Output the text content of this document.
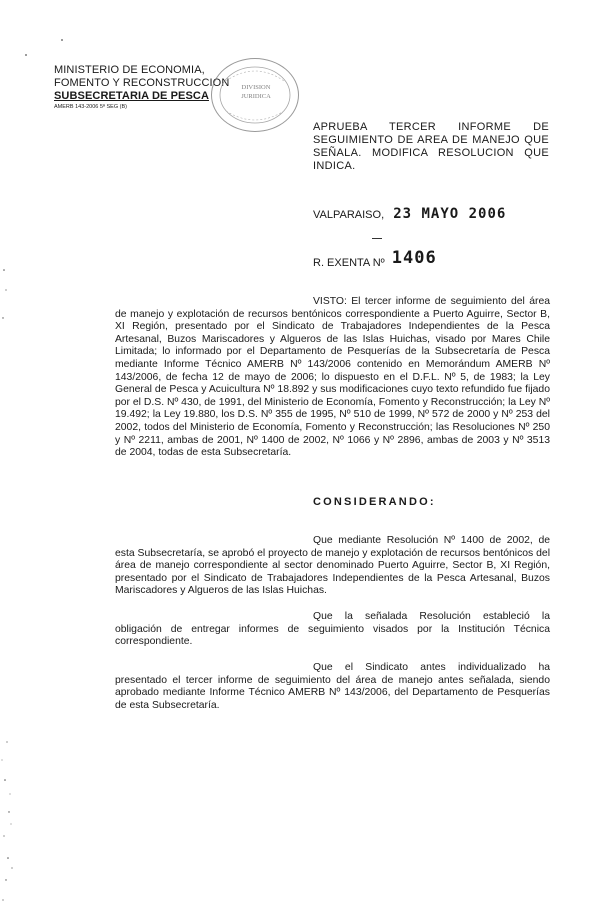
MINISTERIO DE ECONOMIA,
FOMENTO Y RECONSTRUCCION
SUBSECRETARIA DE PESCA
AMERB 143-2006 5ª SEG (B)
DIVISION
JURIDICA
APRUEBA TERCER INFORME DE SEGUIMIENTO DE AREA DE MANEJO QUE SEÑALA. MODIFICA RESOLUCION QUE INDICA.
VALPARAISO, 23 MAYO 2006
R. EXENTA Nº 1406
VISTO: El tercer informe de seguimiento del área de manejo y explotación de recursos bentónicos correspondiente a Puerto Aguirre, Sector B, XI Región, presentado por el Sindicato de Trabajadores Independientes de la Pesca Artesanal, Buzos Mariscadores y Algueros de las Islas Huichas, visado por Mares Chile Limitada; lo informado por el Departamento de Pesquerías de la Subsecretaría de Pesca mediante Informe Técnico AMERB Nº 143/2006 contenido en Memorándum AMERB Nº 143/2006, de fecha 12 de mayo de 2006; lo dispuesto en el D.F.L. Nº 5, de 1983; la Ley General de Pesca y Acuicultura Nº 18.892 y sus modificaciones cuyo texto refundido fue fijado por el D.S. Nº 430, de 1991, del Ministerio de Economía, Fomento y Reconstrucción; la Ley Nº 19.492; la Ley 19.880, los D.S. Nº 355 de 1995, Nº 510 de 1999, Nº 572 de 2000 y Nº 253 del 2002, todos del Ministerio de Economía, Fomento y Reconstrucción; las Resoluciones Nº 250 y Nº 2211, ambas de 2001, Nº 1400 de 2002, Nº 1066 y Nº 2896, ambas de 2003 y Nº 3513 de 2004, todas de esta Subsecretaría.
CONSIDERANDO:
Que mediante Resolución Nº 1400 de 2002, de esta Subsecretaría, se aprobó el proyecto de manejo y explotación de recursos bentónicos del área de manejo correspondiente al sector denominado Puerto Aguirre, Sector B, XI Región, presentado por el Sindicato de Trabajadores Independientes de la Pesca Artesanal, Buzos Mariscadores y Algueros de las Islas Huichas.
Que la señalada Resolución estableció la obligación de entregar informes de seguimiento visados por la Institución Técnica correspondiente.
Que el Sindicato antes individualizado ha presentado el tercer informe de seguimiento del área de manejo antes señalada, siendo aprobado mediante Informe Técnico AMERB Nº 143/2006, del Departamento de Pesquerías de esta Subsecretaría.
